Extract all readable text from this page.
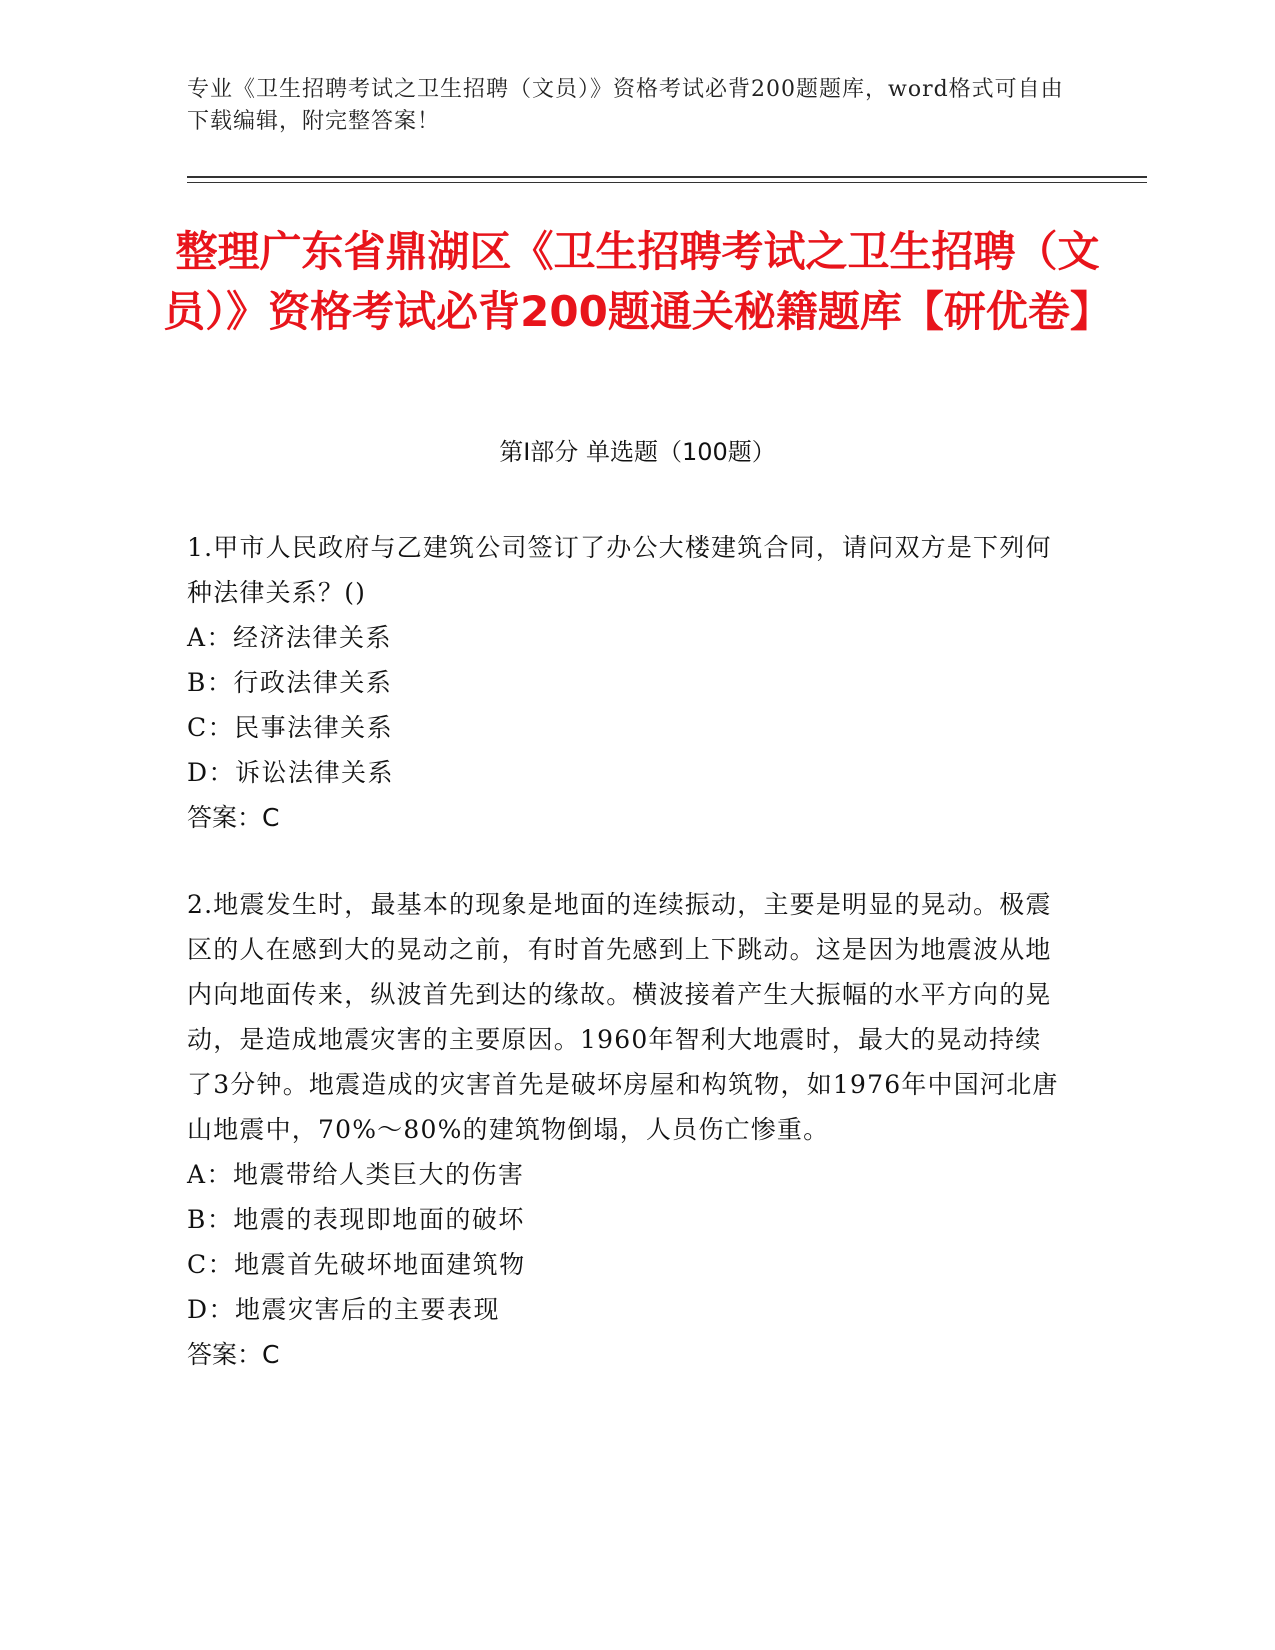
专业《卫生招聘考试之卫生招聘（文员）》资格考试必背200题题库，word格式可自由下载编辑，附完整答案！
整理广东省鼎湖区《卫生招聘考试之卫生招聘（文员）》资格考试必背200题通关秘籍题库【研优卷】
第Ⅰ部分 单选题（100题）

1.甲市人民政府与乙建筑公司签订了办公大楼建筑合同，请问双方是下列何种法律关系？()

A：经济法律关系

B：行政法律关系

C：民事法律关系

D：诉讼法律关系

答案：C

2.地震发生时，最基本的现象是地面的连续振动，主要是明显的晃动。极震区的人在感到大的晃动之前，有时首先感到上下跳动。这是因为地震波从地内向地面传来，纵波首先到达的缘故。横波接着产生大振幅的水平方向的晃动，是造成地震灾害的主要原因。1960年智利大地震时，最大的晃动持续了3分钟。地震造成的灾害首先是破坏房屋和构筑物，如1976年中国河北唐山地震中，70%～80%的建筑物倒塌，人员伤亡惨重。

A：地震带给人类巨大的伤害

B：地震的表现即地面的破坏

C：地震首先破坏地面建筑物

D：地震灾害后的主要表现

答案：C
